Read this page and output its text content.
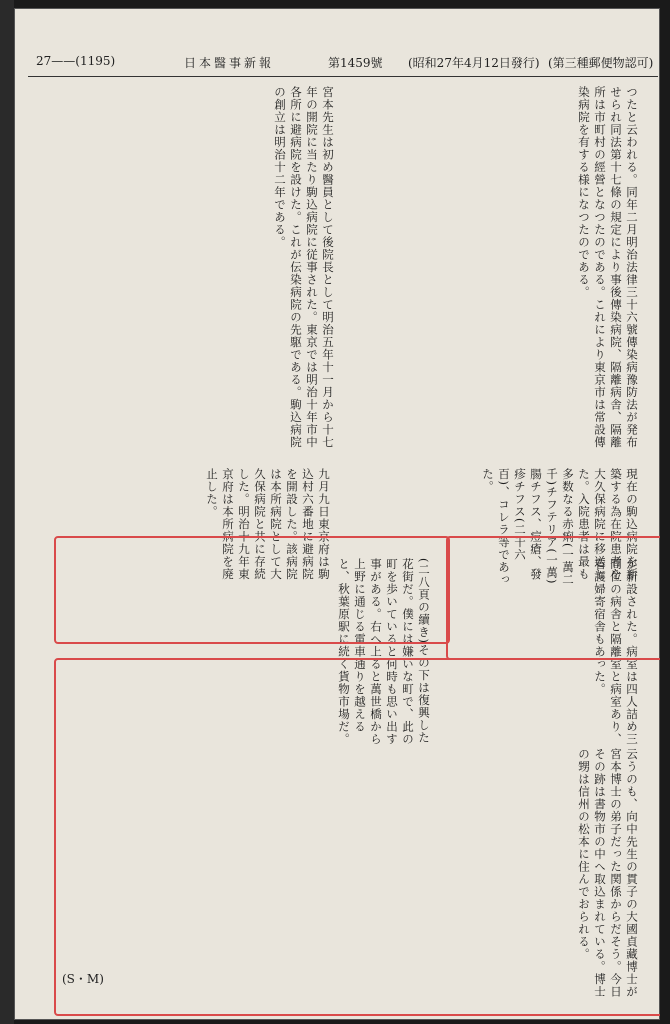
27——(1195)	日本醫事新報	第1459號 (昭和27年4月12日發行) (第三種郵便物認可)

宮本先生は初め醫員として後院長として明治五年十一月から十七年の開院に当たり駒込病院に従事された。東京では明治十年市中各所に避病院を設けた。これが伝染病院の先駆である。駒込病院の創立は明治十二年である。	つたと云われる。同年二月明治法律三十六號傳染病豫防法が発布せられ同法第十七條の規定により事後傳染病院、隔離病舎、隔離所は市町村の經營となつたのである。これにより東京市は常設傳染病院を有する様になつたのである。

九月九日東京府は駒込村六番地に避病院を開設した。該病院は本所病院として大久保病院と共に存続した。明治十九年東京府は本所病院を廃止した。	現在の駒込病院を新築する為在院患者を大久保病院に移送した。入院患者は最も多数なる赤痢(一萬二千)チフテリア(一萬)腸チフス、痘瘡、發疹チフス(二千六百)、コレラ等であった。

(二八頁の續き)その下は復興した花街だ。僕には嫌いな町で、此の町を歩いていると何時も思い出す事がある。右へ上ると萬世橋から上野に通じる電車通りを越えると、秋葉原駅に続く貨物市場だ。	が新設された。病室は四人詰め三間位の病舎と隔離室と病室あり、看護婦寄宿舎もあった。

云うのも、向中先生の貫子の大國貞藏博士が宮本博士の弟子だった関係からだそう。今日その跡は書物市の中へ取込まれている。博士の甥は信州の松本に住んでおられる。

(S・M)
